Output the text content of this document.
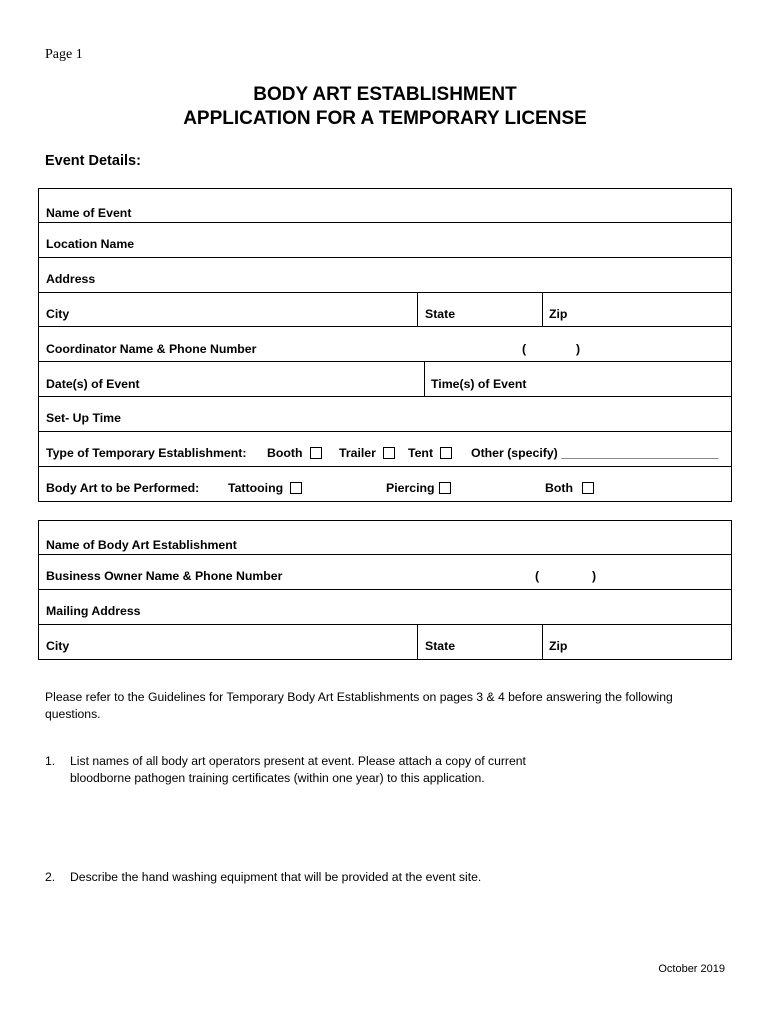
Page 1
BODY ART ESTABLISHMENT
APPLICATION FOR A TEMPORARY LICENSE
Event Details:
Name of Event
Location Name
Address
City	State	Zip
Coordinator Name & Phone Number	(	)
Date(s) of Event	Time(s) of Event
Set- Up Time
Type of Temporary Establishment: Booth	Trailer	Tent	Other (specify) _______________________
Body Art to be Performed: Tattooing	Piercing	Both
Name of Body Art Establishment
Business Owner Name & Phone Number	(	)
Mailing Address
City	State	Zip
Please refer to the Guidelines for Temporary Body Art Establishments on pages 3 & 4 before answering the following questions.
1. List names of all body art operators present at event. Please attach a copy of current bloodborne pathogen training certificates (within one year) to this application.
2. Describe the hand washing equipment that will be provided at the event site.
October 2019
